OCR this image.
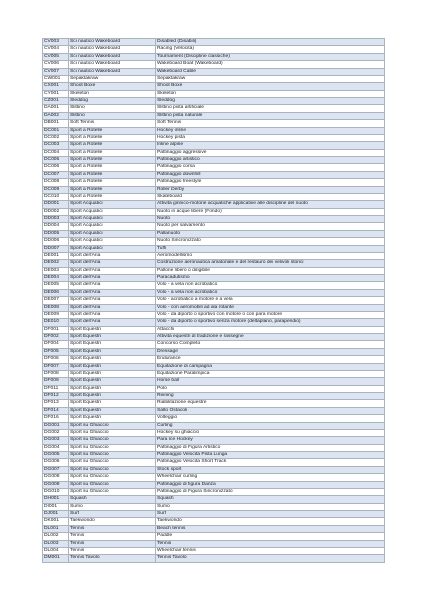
CV003	Sci nautico Wakeboard	Disabled (Disabili)
CV004	Sci nautico Wakeboard	Racing (Velocità)
CV005	Sci nautico Wakeboard	Tournament (Discipline classiche)
CV006	Sci nautico Wakeboard	Wakeboard Boat (Wakeboard)
CV007	Sci nautico Wakeboard	Wakeboard Cable
CW001	Sepaktakraw	Sepaktakraw
CX001	Shoot Boxe	Shoot Boxe
CY001	Skeleton	Skeleton
CZ001	Sleddog	Sleddog
DA001	Slittino	Slittino pista artificiale
DA002	Slittino	Slittino pista naturale
DB001	Soft Tennis	Soft Tennis
DC001	Sport a Rotelle	Hockey inline
DC002	Sport a Rotelle	Hockey pista
DC003	Sport a Rotelle	Inline alpine
DC004	Sport a Rotelle	Pattinaggio aggressive
DC005	Sport a Rotelle	Pattinaggio artistico
DC006	Sport a Rotelle	Pattinaggio corsa
DC007	Sport a Rotelle	Pattinaggio downhill
DC008	Sport a Rotelle	Pattinaggio freestyle
DC009	Sport a Rotelle	Roller Derby
DC010	Sport a Rotelle	Skateboard
DD001	Sport Acquatici	Attività ginnico-motorie acquatiche applicative alle discipline del nuoto
DD002	Sport Acquatici	Nuoto in acque libere (Fondo)
DD003	Sport Acquatici	Nuoto
DD004	Sport Acquatici	Nuoto per salvamento
DD005	Sport Acquatici	Pallanuoto
DD006	Sport Acquatici	Nuoto Sincronizzato
DD007	Sport Acquatici	Tuffi
DE001	Sport dell'Aria	Aeromodellismo
DE002	Sport dell'Aria	Costruzione aeronautica amatoriale e del restauro dei velivoli storici
DE003	Sport dell'Aria	Pallone libero o dirigibile
DE004	Sport dell'Aria	Paracadutismo
DE005	Sport dell'Aria	Volo - a vela non acrobatico
DE006	Sport dell'Aria	Volo - a vela non acrobatico
DE007	Sport dell'Aria	Volo - acrobatico a motore e a vela
DE008	Sport dell'Aria	Volo - con aeromobili ad ala rotante
DE009	Sport dell'Aria	Volo - da diporto o sportivo con motore o con para motore
DE010	Sport dell'Aria	Volo - da diporto o sportivo senza motore (deltaplano, parapendio)
DF001	Sport Equestri	Attacchi
DF002	Sport Equestri	Attività equestri di tradizione e rassegne
DF004	Sport Equestri	Concorso Completo
DF005	Sport Equestri	Dressage
DF006	Sport Equestri	Endurance
DF007	Sport Equestri	Equitazione di campagna
DF008	Sport Equestri	Equitazione Paralimpica
DF009	Sport Equestri	Horse ball
DF011	Sport Equestri	Polo
DF012	Sport Equestri	Reining
DF013	Sport Equestri	Riabilitazione equestre
DF014	Sport Equestri	Salto Ostacoli
DF016	Sport Equestri	Volteggio
DG001	Sport su Ghiaccio	Curling
DG002	Sport su Ghiaccio	Hockey su ghiaccio
DG003	Sport su Ghiaccio	Para Ice Hockey
DG004	Sport su Ghiaccio	Pattinaggio di Figura Artistico
DG005	Sport su Ghiaccio	Pattinaggio Velocità Pista Lunga
DG006	Sport su Ghiaccio	Pattinaggio Velocità Short Track
DG007	Sport su Ghiaccio	Stock sport
DG008	Sport su Ghiaccio	Wheelchair curling
DG009	Sport su Ghiaccio	Pattinaggio di figura Danza
DG010	Sport su Ghiaccio	Pattinaggio di Figura Sincronizzato
DH001	Squash	Squash
DI001	Sumo	Sumo
DJ001	Surf	Surf
DK001	Taekwondo	Taekwondo
DL001	Tennis	Beach tennis
DL002	Tennis	Paddle
DL003	Tennis	Tennis
DL004	Tennis	Wheelchair tennis
DM001	Tennis Tavolo	Tennis Tavolo
